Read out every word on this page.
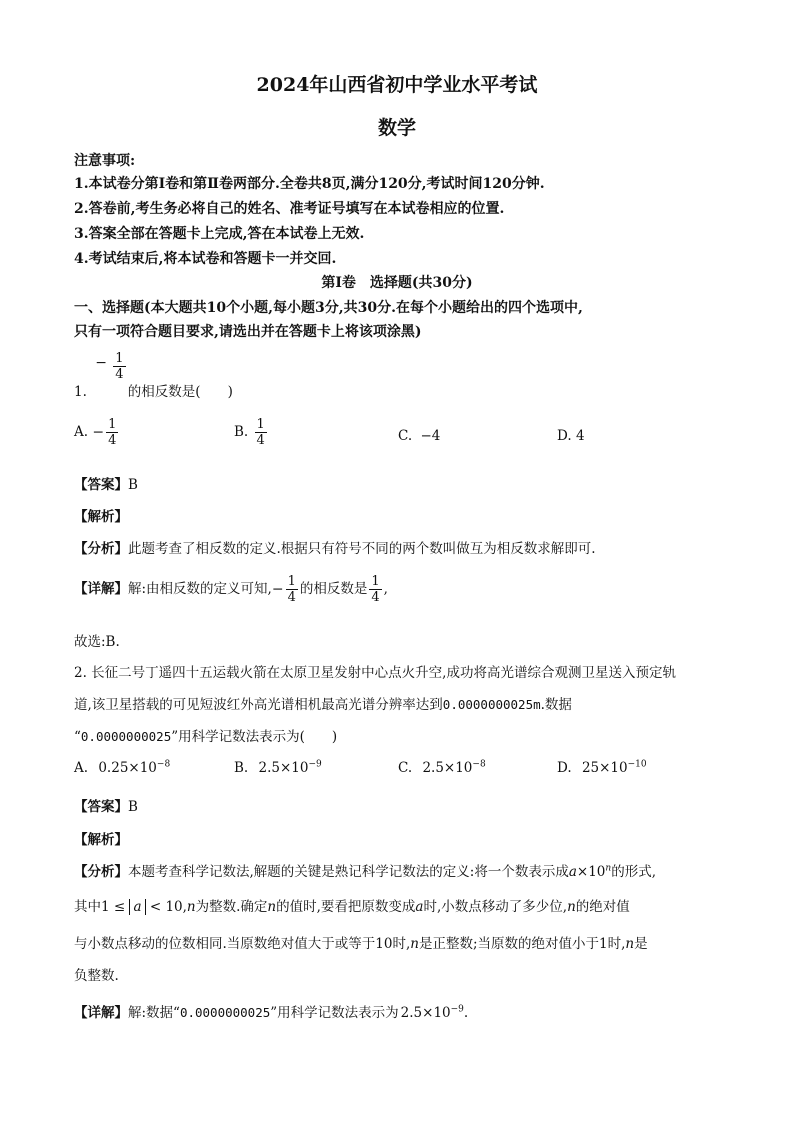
2024年山西省初中学业水平考试
数学
注意事项:
1.本试卷分第Ⅰ卷和第Ⅱ卷两部分.全卷共8页,满分120分,考试时间120分钟.
2.答卷前,考生务必将自己的姓名、准考证号填写在本试卷相应的位置.
3.答案全部在答题卡上完成,答在本试卷上无效.
4.考试结束后,将本试卷和答题卡一并交回.
第Ⅰ卷　选择题(共30分)
一、选择题(本大题共10个小题,每小题3分,共30分.在每个小题给出的四个选项中,
只有一项符合题目要求,请选出并在答题卡上将该项涂黑)
1. − $\frac{1}{4}$
的相反数是(　　)
A. − $\frac{1}{4}$	B. $\frac{1}{4}$	C. −4	D. 4
【答案】B
【解析】
【分析】此题考查了相反数的定义.根据只有符号不同的两个数叫做互为相反数求解即可.
【详解】解:由相反数的定义可知,− $\frac{1}{4}$ 的相反数是 $\frac{1}{4}$ ,
故选:B.
2. 长征二号丁遥四十五运载火箭在太原卫星发射中心点火升空,成功将高光谱综合观测卫星送入预定轨
道,该卫星搭载的可见短波红外高光谱相机最高光谱分辨率达到0.0000000025m.数据
“0.0000000025”用科学记数法表示为(　　)
A. $0.25\times 10^{-8}$	B. $2.5\times 10^{-9}$	C. $2.5\times 10^{-8}$	D. $25\times 10^{-10}$
【答案】B
【解析】
【分析】本题考查科学记数法,解题的关键是熟记科学记数法的定义:将一个数表示成$a\times 10^n$的形式,
其中1 ≤ a < 10,n为整数.确定n的值时,要看把原数变成a时,小数点移动了多少位,n的绝对值
与小数点移动的位数相同.当原数绝对值大于或等于10时,n是正整数;当原数的绝对值小于1时,n是
负整数.
【详解】解:数据“0.0000000025”用科学记数法表示为 $2.5\times 10^{-9}$.
